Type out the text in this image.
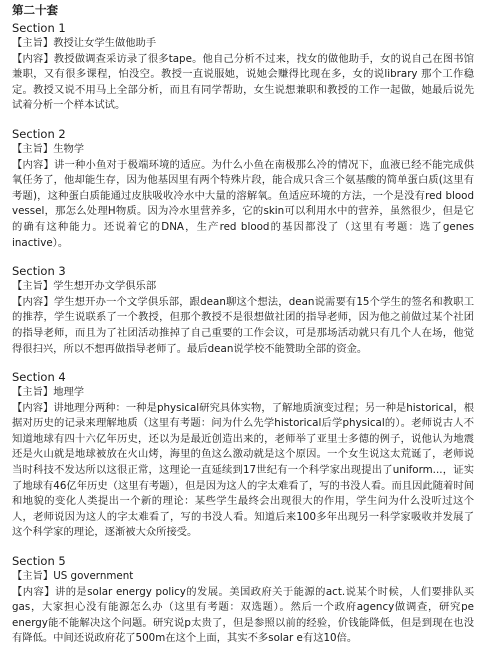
第二十套
Section 1

【主旨】教授让女学生做他助手

【内容】教授做调查采访录了很多tape。他自己分析不过来，找女的做他助手，女的说自己在图书馆兼职，又有很多课程，怕没空。教授一直说服她，说她会赚得比现在多，女的说library 那个工作稳定。教授又说不用马上全部分析，而且有同学帮助，女生说想兼职和教授的工作一起做，她最后说先试着分析一个样本试试。

Section 2

【主旨】生物学

【内容】讲一种小鱼对于极端环境的适应。为什么小鱼在南极那么冷的情况下，血液已经不能完成供氧任务了，他却能生存，因为他基因里有两个特殊片段，能合成只含三个氨基酸的简单蛋白质(这里有考题)，这种蛋白质能通过皮肤吸收冷水中大量的溶解氧。鱼适应环境的方法，一个是没有red blood vessel，那怎么处理H物质。因为冷水里营养多，它的skin可以利用水中的营养，虽然很少，但是它的确有这种能力。还说着它的DNA，生产red blood的基因都没了（这里有考题：选了genes inactive）。

Section 3

【主旨】学生想开办文学俱乐部

【内容】学生想开办一个文学俱乐部，跟dean聊这个想法，dean说需要有15个学生的签名和教职工的推荐，学生说联系了一个教授，但那个教授不是很想做社团的指导老师，因为他之前做过某个社团的指导老师，而且为了社团活动推掉了自己重要的工作会议，可是那场活动就只有几个人在场，他觉得很扫兴，所以不想再做指导老师了。最后dean说学校不能赞助全部的资金。

Section 4

【主旨】地理学

【内容】讲地理分两种：一种是physical研究具体实物，了解地质演变过程；另一种是historical，根据对历史的记录来理解地质（这里有考题：问为什么先学historical后学physical的）。老师说古人不知道地球有四十六亿年历史，还以为是最近创造出来的，老师举了亚里士多德的例子，说他认为地震还是火山就是地球被放在火山烤，海里的鱼这么激动就是这个原因。一个女生说这太荒诞了，老师说当时科技不发达所以这很正常，这理论一直延续到17世纪有一个科学家出现提出了uniform...，证实了地球有46亿年历史（这里有考题），但是因为这人的字太难看了，写的书没人看。而且因此随着时间和地貌的变化人类提出一个新的理论：某些学生最终会出现很大的作用，学生问为什么没听过这个人，老师说因为这人的字太难看了，写的书没人看。知道后来100多年出现另一科学家吸收并发展了这个科学家的理论，逐渐被大众所接受。

Section 5

【主旨】US government

【内容】讲的是solar energy policy的发展。美国政府关于能源的act.说某个时候，人们要排队买gas，大家担心没有能源怎么办（这里有考题：双选题）。然后一个政府agency做调查，研究pe energy能不能解决这个问题。研究说p太贵了，但是参照以前的经验，价钱能降低，但是到现在也没有降低。中间还说政府花了500m在这个上面，其实不多solar e有这10倍。
